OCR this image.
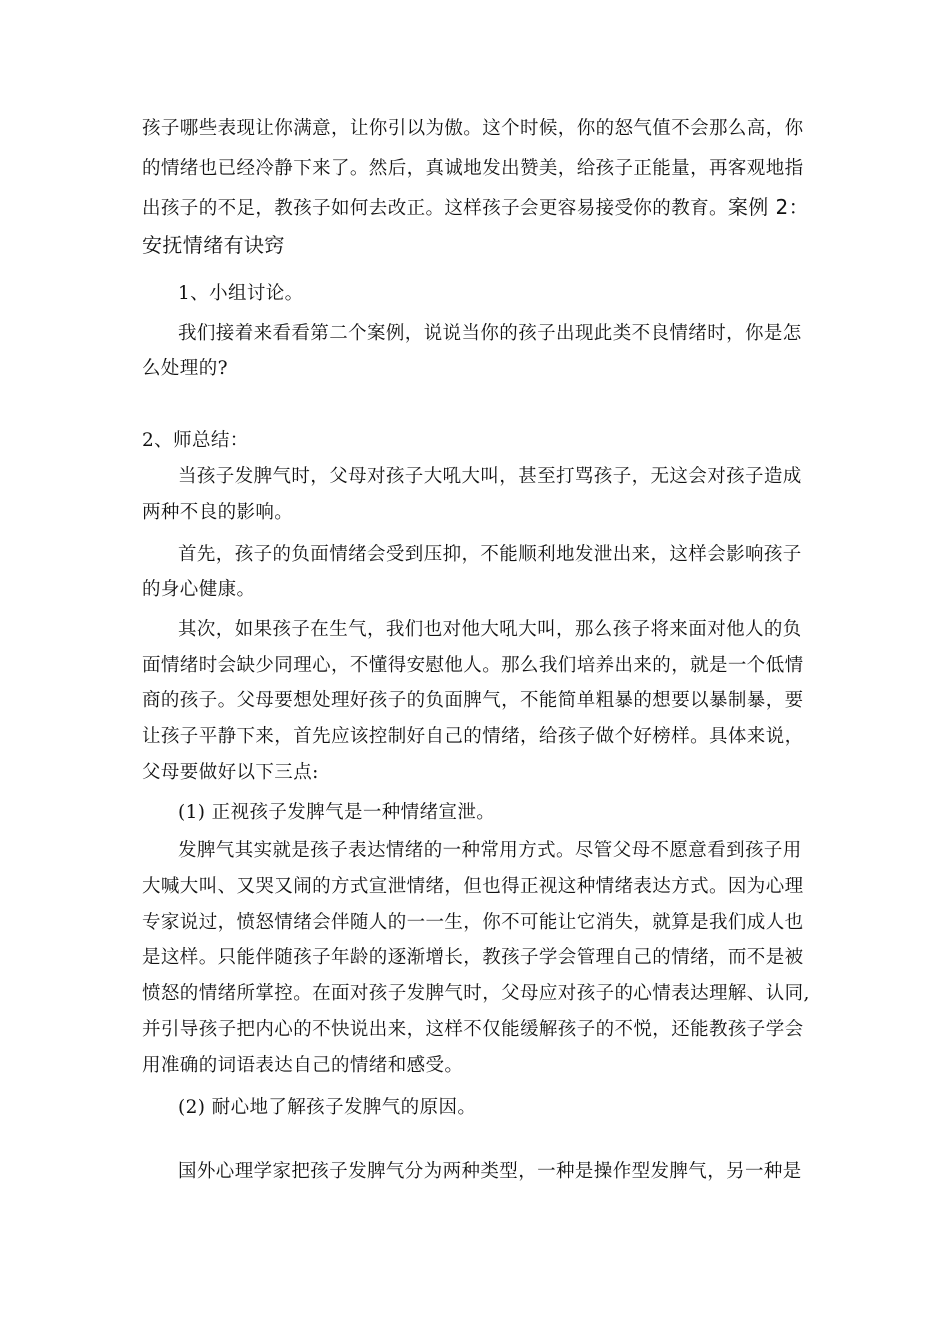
孩子哪些表现让你满意，让你引以为傲。这个时候，你的怒气值不会那么高，你
的情绪也已经冷静下来了。然后，真诚地发出赞美，给孩子正能量，再客观地指
出孩子的不足，教孩子如何去改正。这样孩子会更容易接受你的教育。案例 2：
安抚情绪有诀窍
1、小组讨论。
我们接着来看看第二个案例，说说当你的孩子出现此类不良情绪时，你是怎
么处理的?
2、师总结：
当孩子发脾气时，父母对孩子大吼大叫，甚至打骂孩子，无这会对孩子造成
两种不良的影响。
首先，孩子的负面情绪会受到压抑，不能顺利地发泄出来，这样会影响孩子
的身心健康。
其次，如果孩子在生气，我们也对他大吼大叫，那么孩子将来面对他人的负
面情绪时会缺少同理心，不懂得安慰他人。那么我们培养出来的，就是一个低情
商的孩子。父母要想处理好孩子的负面脾气，不能简单粗暴的想要以暴制暴，要
让孩子平静下来，首先应该控制好自己的情绪，给孩子做个好榜样。具体来说，
父母要做好以下三点:
(1) 正视孩子发脾气是一种情绪宣泄。
发脾气其实就是孩子表达情绪的一种常用方式。尽管父母不愿意看到孩子用
大喊大叫、又哭又闹的方式宣泄情绪，但也得正视这种情绪表达方式。因为心理
专家说过，愤怒情绪会伴随人的一一生，你不可能让它消失，就算是我们成人也
是这样。只能伴随孩子年龄的逐渐增长，教孩子学会管理自己的情绪，而不是被
愤怒的情绪所掌控。在面对孩子发脾气时，父母应对孩子的心情表达理解、认同,
并引导孩子把内心的不快说出来，这样不仅能缓解孩子的不悦，还能教孩子学会
用准确的词语表达自己的情绪和感受。
(2) 耐心地了解孩子发脾气的原因。
国外心理学家把孩子发脾气分为两种类型，一种是操作型发脾气，另一种是
